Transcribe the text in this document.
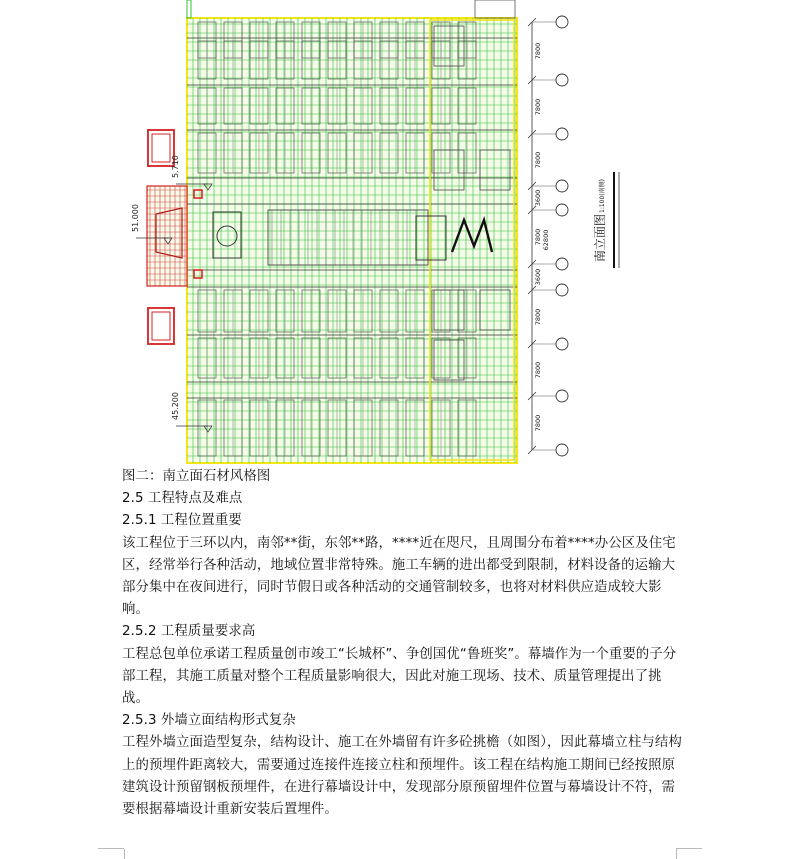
7800
7800
7800
3600
7800 62800
3600
7800
7800
7800
51.000
5.710
45.200
南立面图
1:100(南侧)

图二：南立面石材风格图

2.5 工程特点及难点

2.5.1 工程位置重要

该工程位于三环以内，南邻**街，东邻**路，****近在咫尺，且周围分布着****办公区及住宅区，经常举行各种活动，地域位置非常特殊。施工车辆的进出都受到限制，材料设备的运输大部分集中在夜间进行，同时节假日或各种活动的交通管制较多，也将对材料供应造成较大影响。

2.5.2 工程质量要求高

工程总包单位承诺工程质量创市竣工“长城杯”、争创国优“鲁班奖”。幕墙作为一个重要的子分部工程，其施工质量对整个工程质量影响很大，因此对施工现场、技术、质量管理提出了挑战。

2.5.3 外墙立面结构形式复杂

工程外墙立面造型复杂，结构设计、施工在外墙留有许多砼挑檐（如图），因此幕墙立柱与结构上的预埋件距离较大，需要通过连接件连接立柱和预埋件。该工程在结构施工期间已经按照原建筑设计预留钢板预埋件，在进行幕墙设计中，发现部分原预留埋件位置与幕墙设计不符，需要根据幕墙设计重新安装后置埋件。
